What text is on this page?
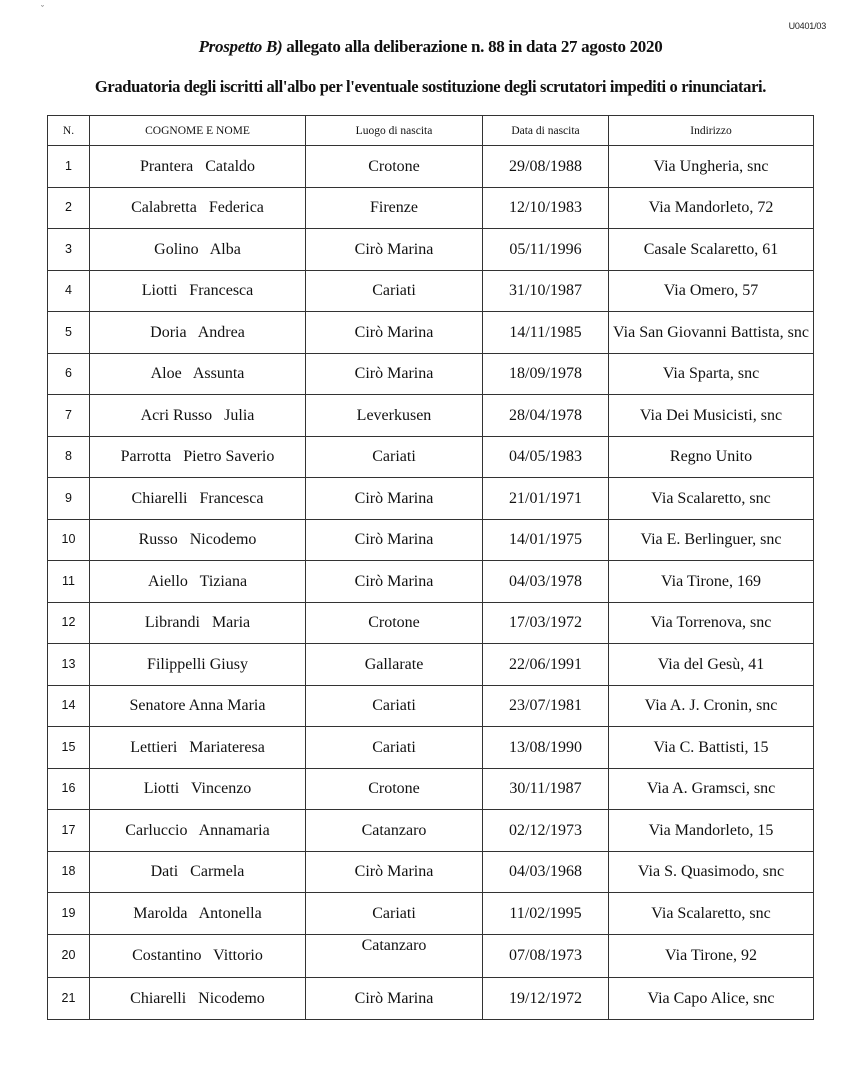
ˇ
U0401/03
Prospetto B) allegato alla deliberazione n. 88 in data 27 agosto 2020
Graduatoria degli iscritti all'albo per l'eventuale sostituzione degli scrutatori impediti o rinunciatari.
N.	COGNOME E NOME	Luogo di nascita	Data di nascita	Indirizzo
1	Prantera   Cataldo	Crotone	29/08/1988	Via Ungheria, snc
2	Calabretta   Federica	Firenze	12/10/1983	Via Mandorleto, 72
3	Golino   Alba	Cirò Marina	05/11/1996	Casale Scalaretto, 61
4	Liotti   Francesca	Cariati	31/10/1987	Via Omero, 57
5	Doria   Andrea	Cirò Marina	14/11/1985	Via San Giovanni Battista, snc
6	Aloe   Assunta	Cirò Marina	18/09/1978	Via Sparta, snc
7	Acri Russo   Julia	Leverkusen	28/04/1978	Via Dei Musicisti, snc
8	Parrotta   Pietro Saverio	Cariati	04/05/1983	Regno Unito
9	Chiarelli   Francesca	Cirò Marina	21/01/1971	Via Scalaretto, snc
10	Russo   Nicodemo	Cirò Marina	14/01/1975	Via E. Berlinguer, snc
11	Aiello   Tiziana	Cirò Marina	04/03/1978	Via Tirone, 169
12	Librandi   Maria	Crotone	17/03/1972	Via Torrenova, snc
13	Filippelli Giusy	Gallarate	22/06/1991	Via del Gesù, 41
14	Senatore Anna Maria	Cariati	23/07/1981	Via A. J. Cronin, snc
15	Lettieri   Mariateresa	Cariati	13/08/1990	Via C. Battisti, 15
16	Liotti   Vincenzo	Crotone	30/11/1987	Via A. Gramsci, snc
17	Carluccio   Annamaria	Catanzaro	02/12/1973	Via Mandorleto, 15
18	Dati   Carmela	Cirò Marina	04/03/1968	Via S. Quasimodo, snc
19	Marolda   Antonella	Cariati	11/02/1995	Via Scalaretto, snc
20	Costantino   Vittorio	Catanzaro	07/08/1973	Via Tirone, 92
21	Chiarelli   Nicodemo	Cirò Marina	19/12/1972	Via Capo Alice, snc
